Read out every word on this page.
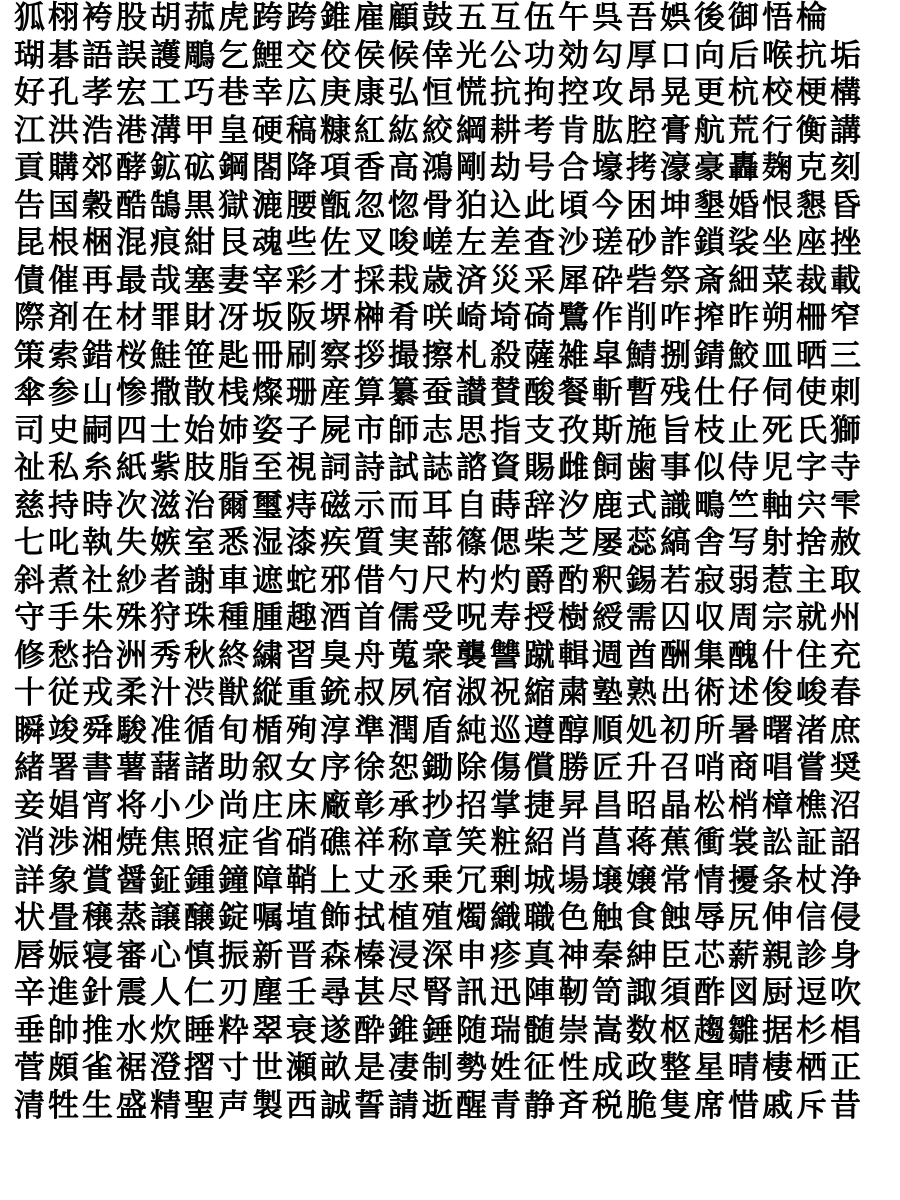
狐栩袴股胡菰虎跨跨錐雇顧鼓五互伍午呉吾娯後御悟棆
瑚碁語誤護鵰乞鯉交佼侯候倖光公功効勾厚口向后喉抗垢
好孔孝宏工巧巷幸広庚康弘恒慌抗拘控攻昂晃更杭校梗構
江洪浩港溝甲皇硬稿糠紅紘絞綱耕考肯肱腔膏航荒行衡講
貢購郊酵鉱砿鋼閤降項香高鴻剛劫号合壕拷濠豪轟麹克刻
告国穀酷鵠黒獄漉腰甑忽惚骨狛込此頃今困坤墾婚恨懇昏
昆根梱混痕紺艮魂些佐叉唆嵯左差査沙瑳砂詐鎖裟坐座挫
債催再最哉塞妻宰彩才採栽歳済災采犀砕砦祭斎細菜裁載
際剤在材罪財冴坂阪堺榊肴咲崎埼碕鷺作削咋搾昨朔柵窄
策索錯桜鮭笹匙冊刷察拶撮擦札殺薩雑皐鯖捌錆鮫皿晒三
傘参山惨撒散桟燦珊産算纂蚕讃賛酸餐斬暫残仕仔伺使刺
司史嗣四士始姉姿子屍市師志思指支孜斯施旨枝止死氏獅
祉私糸紙紫肢脂至視詞詩試誌諮資賜雌飼歯事似侍児字寺
慈持時次滋治爾璽痔磁示而耳自蒔辞汐鹿式識鴫竺軸宍雫
七叱執失嫉室悉湿漆疾質実蔀篠偲柴芝屡蕊縞舎写射捨赦
斜煮社紗者謝車遮蛇邪借勺尺杓灼爵酌釈錫若寂弱惹主取
守手朱殊狩珠種腫趣酒首儒受呪寿授樹綬需囚収周宗就州
修愁拾洲秀秋終繍習臭舟蒐衆襲讐蹴輯週酋酬集醜什住充
十従戎柔汁渋獣縦重銃叔夙宿淑祝縮粛塾熟出術述俊峻春
瞬竣舜駿准循旬楯殉淳準潤盾純巡遵醇順処初所暑曙渚庶
緒署書薯藷諸助叙女序徐恕鋤除傷償勝匠升召哨商唱嘗奨
妾娼宵将小少尚庄床廠彰承抄招掌捷昇昌昭晶松梢樟樵沼
消渉湘焼焦照症省硝礁祥称章笑粧紹肖菖蒋蕉衝裳訟証詔
詳象賞醤鉦鍾鐘障鞘上丈丞乗冗剰城場壌嬢常情擾条杖浄
状畳穣蒸譲醸錠嘱埴飾拭植殖燭織職色触食蝕辱尻伸信侵
唇娠寝審心慎振新晋森榛浸深申疹真神秦紳臣芯薪親診身
辛進針震人仁刃塵壬尋甚尽腎訊迅陣靭笥諏須酢図厨逗吹
垂帥推水炊睡粋翠衰遂酔錐錘随瑞髄崇嵩数枢趨雛据杉椙
菅頗雀裾澄摺寸世瀬畝是凄制勢姓征性成政整星晴棲栖正
清牲生盛精聖声製西誠誓請逝醒青静斉税脆隻席惜戚斥昔
